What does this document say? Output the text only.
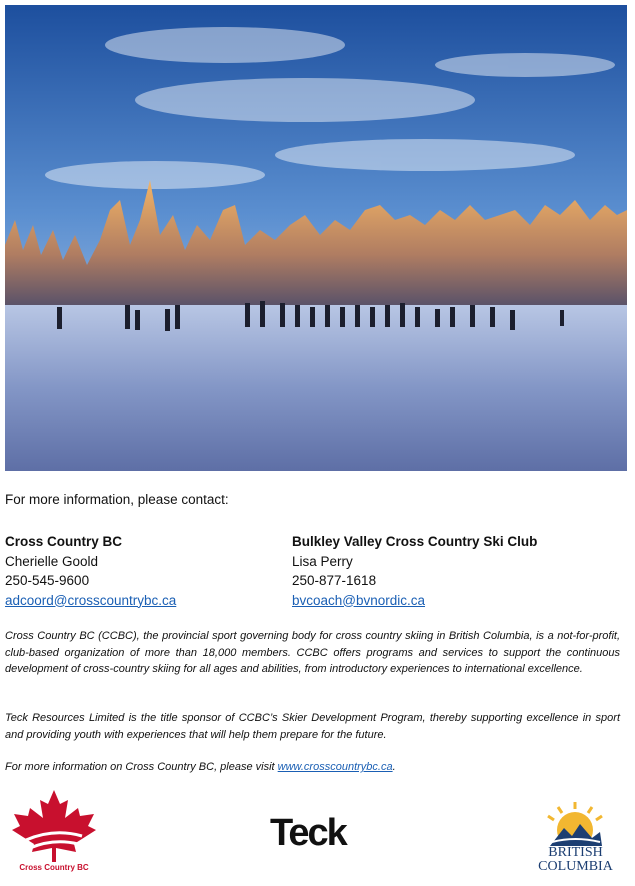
For more information, please contact:
Cross Country BC
Cherielle Goold
250-545-9600
adcoord@crosscountrybc.ca
Bulkley Valley Cross Country Ski Club
Lisa Perry
250-877-1618
bvcoach@bvnordic.ca

Cross Country BC (CCBC), the provincial sport governing body for cross country skiing in British Columbia, is a not-for-profit, club-based organization of more than 18,000 members. CCBC offers programs and services to support the continuous development of cross-country skiing for all ages and abilities, from introductory experiences to international excellence.

Teck Resources Limited is the title sponsor of CCBC’s Skier Development Program, thereby supporting excellence in sport and providing youth with experiences that will help them prepare for the future.

For more information on Cross Country BC, please visit www.crosscountrybc.ca.

Cross Country BC
Teck	BRITISH
COLUMBIA
